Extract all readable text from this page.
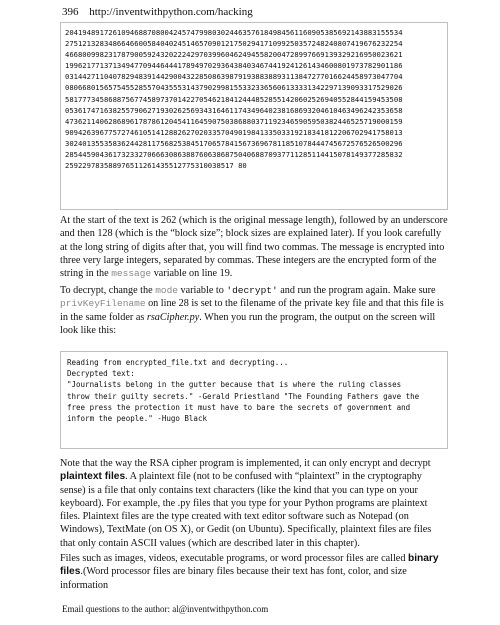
396 http://inventwithpython.com/hacking
204194891726109468870800424574799803024463576184984561160905385692143883155534
275121328348664660058404024514657090121750294171099250357248240807419676232254
466800998231787900592432022242970399604624945582004728997669139329216950023621
199621771371349477094464441789497029364384034674419241261434600801973782901186
031442711040782948391442900432285086398791938838893113847277016624458973047704
080668015657545528557043555314379029981553323365606133331342297139093317529026
581777345868875677458973701422705462184124448528551420602526940552844159453508
053617471638255790627193026256934316461174349640238168693204610463496242353658
473621140628689617878612045411645907503868803711923465905950382446525719000159
909426396775727461051412882627020335704901984133503319218341812206702941758013
302401355358362442811756825384517065784156736967811851078444745672576526500296
285445904361732332706663086388760638687504068870937711285114415078149377285832
259229783588976511261435512775310038517 80

At the start of the text is 262 (which is the original message length), followed by an underscore and then 128 (which is the “block size”; block sizes are explained later). If you look carefully at the long string of digits after that, you will find two commas. The message is encrypted into three very large integers, separated by commas. These integers are the encrypted form of the string in the message variable on line 19.

To decrypt, change the mode variable to 'decrypt' and run the program again. Make sure privKeyFilename on line 28 is set to the filename of the private key file and that this file is in the same folder as rsaCipher.py. When you run the program, the output on the screen will look like this:

Reading from encrypted_file.txt and decrypting...
Decrypted text:
"Journalists belong in the gutter because that is where the ruling classes
throw their guilty secrets." -Gerald Priestland "The Founding Fathers gave the
free press the protection it must have to bare the secrets of government and
inform the people." -Hugo Black

Note that the way the RSA cipher program is implemented, it can only encrypt and decrypt plaintext files. A plaintext file (not to be confused with “plaintext” in the cryptography sense) is a file that only contains text characters (like the kind that you can type on your keyboard). For example, the .py files that you type for your Python programs are plaintext files. Plaintext files are the type created with text editor software such as Notepad (on Windows), TextMate (on OS X), or Gedit (on Ubuntu). Specifically, plaintext files are files that only contain ASCII values (which are described later in this chapter).

Files such as images, videos, executable programs, or word processor files are called binary files.(Word processor files are binary files because their text has font, color, and size information

Email questions to the author: al@inventwithpython.com
